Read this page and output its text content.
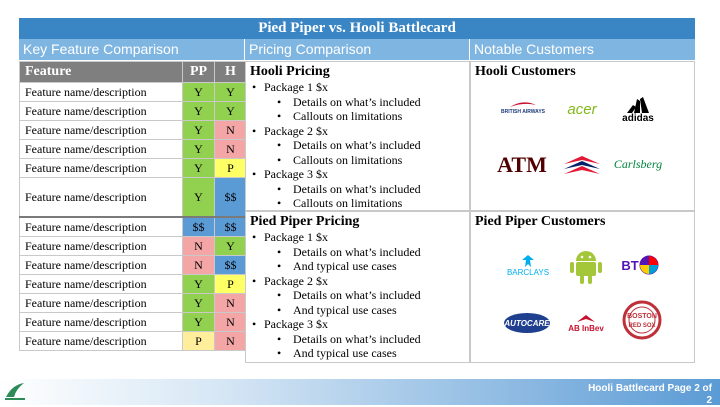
Pied Piper vs. Hooli Battlecard
Key Feature Comparison	Pricing Comparison	Notable Customers
Feature	PP	H
Feature name/description	Y	Y
Feature name/description	Y	Y
Feature name/description	Y	N
Feature name/description	Y	N
Feature name/description	Y	P
Feature name/description	Y	$$
Feature name/description	$$	$$
Feature name/description	N	Y
Feature name/description	N	$$
Feature name/description	Y	P
Feature name/description	Y	N
Feature name/description	Y	N
Feature name/description	P	N
Hooli Pricing
• Package 1 $x
• Details on what’s included
• Callouts on limitations
• Package 2 $x
• Details on what’s included
• Callouts on limitations
• Package 3 $x
• Details on what’s included
• Callouts on limitations
Pied Piper Pricing
• Package 1 $x
• Details on what’s included
• And typical use cases
• Package 2 $x
• Details on what’s included
• And typical use cases
• Package 3 $x
• Details on what’s included
• And typical use cases
Hooli Customers
BRITISH AIRWAYS acer
adidas
ATM	Carlsberg
Pied Piper Customers
BARCLAYS	BT
AUTOCARE AB InBev
BOSTON
RED SOX
Hooli Battlecard Page 2 of 2
